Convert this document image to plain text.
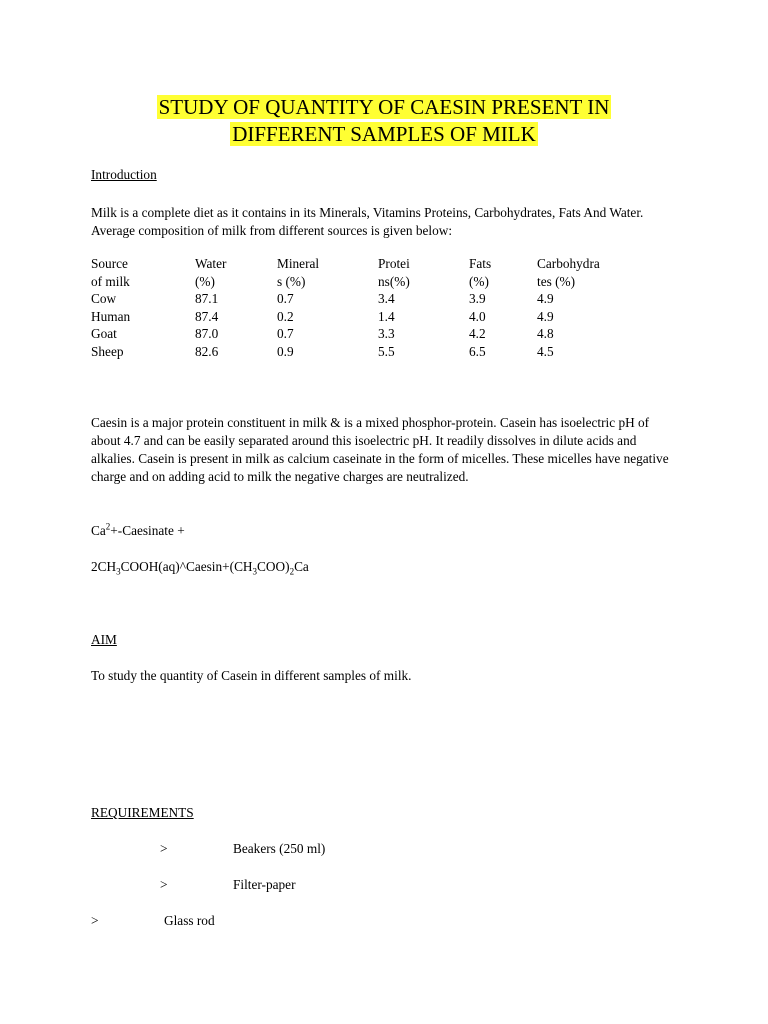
STUDY OF QUANTITY OF CAESIN PRESENT IN
DIFFERENT SAMPLES OF MILK
Introduction
Milk is a complete diet as it contains in its Minerals, Vitamins Proteins, Carbohydrates, Fats And Water. Average composition of milk from different sources is given below:
Source	Water	Mineral	Protei	Fats	Carbohydra
of milk	(%)	s (%)	ns(%)	(%)	tes (%)
Cow	87.1	0.7	3.4	3.9	4.9
Human	87.4	0.2	1.4	4.0	4.9
Goat	87.0	0.7	3.3	4.2	4.8
Sheep	82.6	0.9	5.5	6.5	4.5
Caesin is a major protein constituent in milk & is a mixed phosphor-protein. Casein has isoelectric pH of about 4.7 and can be easily separated around this isoelectric pH. It readily dissolves in dilute acids and alkalies. Casein is present in milk as calcium caseinate in the form of micelles. These micelles have negative charge and on adding acid to milk the negative charges are neutralized.
$Ca^2+$-Caesinate +
$2CH_3COOH(aq)\^{}Caesin+(CH_3COO)_2Ca$
AIM
To study the quantity of Casein in different samples of milk.
REQUIREMENTS
>	Beakers (250 ml)
>	Filter-paper
>	Glass rod
